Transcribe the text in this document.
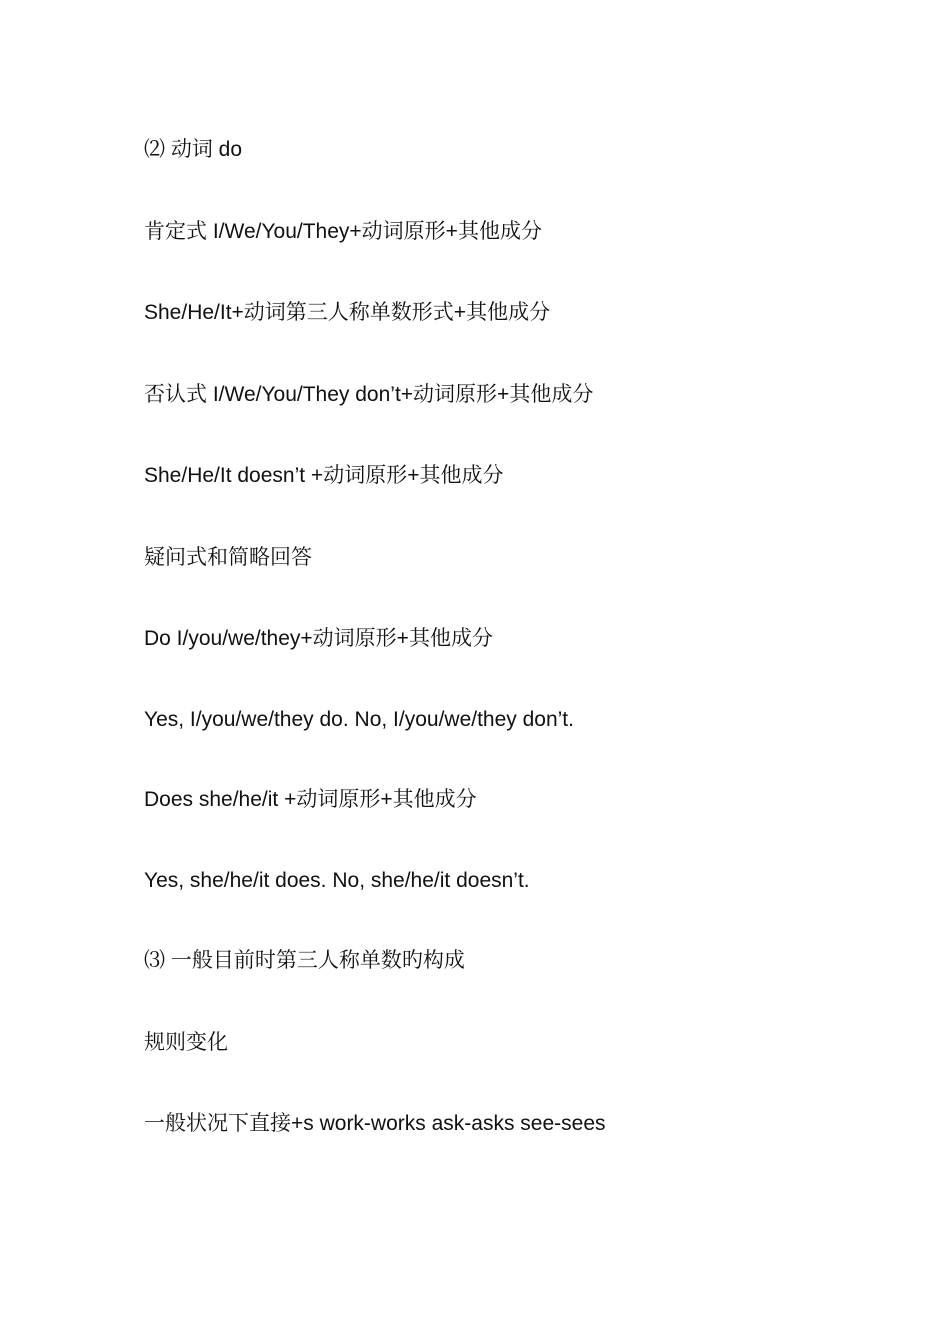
⑵ 动词 do
肯定式 I/We/You/They+动词原形+其他成分
She/He/It+动词第三人称单数形式+其他成分
否认式 I/We/You/They don’t+动词原形+其他成分
She/He/It doesn’t +动词原形+其他成分
疑问式和简略回答
Do I/you/we/they+动词原形+其他成分
Yes, I/you/we/they do. No, I/you/we/they don’t.
Does she/he/it +动词原形+其他成分
Yes, she/he/it does. No, she/he/it doesn’t.
⑶ 一般目前时第三人称单数旳构成
规则变化
一般状况下直接+s work-works ask-asks see-sees
